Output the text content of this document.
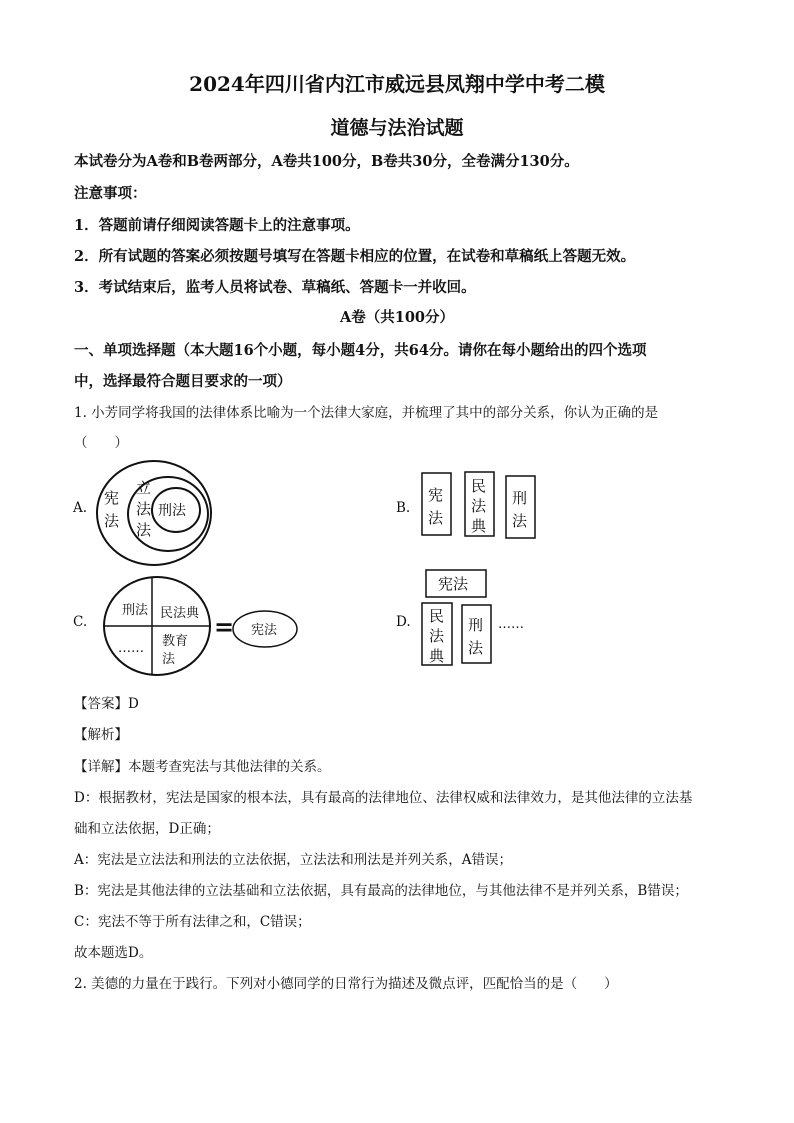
2024年四川省内江市威远县凤翔中学中考二模
道德与法治试题
本试卷分为A卷和B卷两部分，A卷共100分，B卷共30分，全卷满分130分。
注意事项：
1．答题前请仔细阅读答题卡上的注意事项。
2．所有试题的答案必须按题号填写在答题卡相应的位置，在试卷和草稿纸上答题无效。
3．考试结束后，监考人员将试卷、草稿纸、答题卡一并收回。
A卷（共100分）
一、单项选择题（本大题16个小题，每小题4分，共64分。请你在每小题给出的四个选项
中，选择最符合题目要求的一项）
1. 小芳同学将我国的法律体系比喻为一个法律大家庭，并梳理了其中的部分关系，你认为正确的是
（　　）
A.
宪
法
立
法
法
刑法	B.
宪
法
民
法
典
刑
法
C.
刑法 民法典
…… 教育
法
= 宪法
D.
宪法
民
法
典
刑
法
……
【答案】D
【解析】
【详解】本题考查宪法与其他法律的关系。
D：根据教材，宪法是国家的根本法，具有最高的法律地位、法律权威和法律效力，是其他法律的立法基
础和立法依据，D正确；
A：宪法是立法法和刑法的立法依据，立法法和刑法是并列关系，A错误；
B：宪法是其他法律的立法基础和立法依据，具有最高的法律地位，与其他法律不是并列关系，B错误；
C：宪法不等于所有法律之和，C错误；
故本题选D。
2. 美德的力量在于践行。下列对小德同学的日常行为描述及微点评，匹配恰当的是（　　）
